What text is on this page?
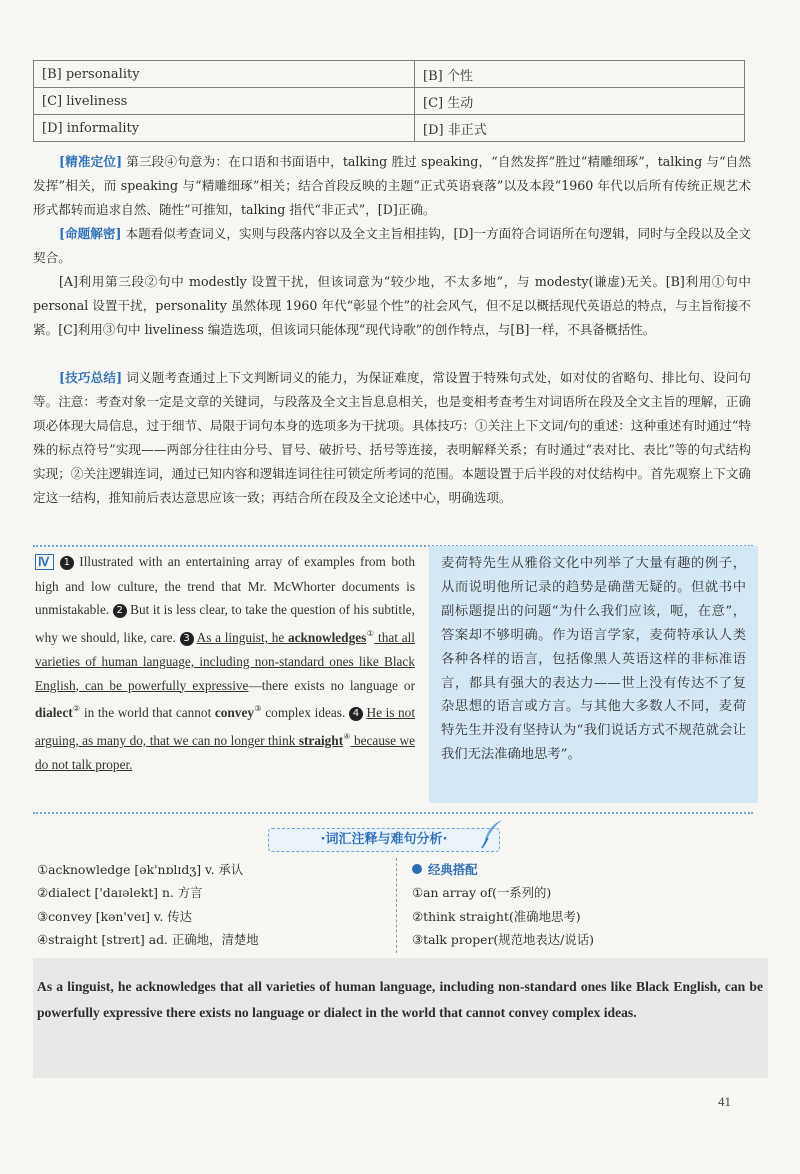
[B] personality	[B] 个性
[C] liveliness	[C] 生动
[D] informality	[D] 非正式
[精准定位] 第三段④句意为：在口语和书面语中，talking 胜过 speaking，“自然发挥”胜过“精雕细琢”，talking 与“自然发挥”相关，而 speaking 与“精雕细琢”相关；结合首段反映的主题“正式英语衰落”以及本段“1960 年代以后所有传统正规艺术形式都转而追求自然、随性”可推知，talking 指代“非正式”，[D]正确。
[命题解密] 本题看似考查词义，实则与段落内容以及全文主旨相挂钩，[D]一方面符合词语所在句逻辑，同时与全段以及全文契合。
[A]利用第三段②句中 modestly 设置干扰，但该词意为“较少地，不太多地”，与 modesty(谦虚)无关。[B]利用①句中 personal 设置干扰，personality 虽然体现 1960 年代“彰显个性”的社会风气，但不足以概括现代英语总的特点，与主旨衔接不紧。[C]利用③句中 liveliness 编造选项，但该词只能体现“现代诗歌”的创作特点，与[B]一样，不具备概括性。
[技巧总结] 词义题考查通过上下文判断词义的能力，为保证难度，常设置于特殊句式处，如对仗的省略句、排比句、设问句等。注意：考查对象一定是文章的关键词，与段落及全文主旨息息相关，也是变相考查考生对词语所在段及全文主旨的理解，正确项必体现大局信息，过于细节、局限于词句本身的选项多为干扰项。具体技巧：①关注上下文词/句的重述：这种重述有时通过“特殊的标点符号”实现——两部分往往由分号、冒号、破折号、括号等连接，表明解释关系；有时通过“表对比、表比”等的句式结构实现；②关注逻辑连词，通过已知内容和逻辑连词往往可锁定所考词的范围。本题设置于后半段的对仗结构中。首先观察上下文确定这一结构，推知前后表达意思应该一致；再结合所在段及全文论述中心，明确选项。
Ⅳ 1 Illustrated with an entertaining array of examples from both high and low culture, the trend that Mr. McWhorter documents is unmistakable. 2 But it is less clear, to take the question of his subtitle, why we should, like, care. 3 As a linguist, he acknowledges① that all varieties of human language, including non-standard ones like Black English, can be powerfully expressive—there exists no language or dialect② in the world that cannot convey③ complex ideas. 4 He is not arguing, as many do, that we can no longer think straight④ because we do not talk proper.
麦荷特先生从雅俗文化中列举了大量有趣的例子，从而说明他所记录的趋势是确凿无疑的。但就书中副标题提出的问题“为什么我们应该，呃，在意”，答案却不够明确。作为语言学家，麦荷特承认人类各种各样的语言，包括像黑人英语这样的非标准语言，都具有强大的表达力——世上没有传达不了复杂思想的语言或方言。与其他大多数人不同，麦荷特先生并没有坚持认为“我们说话方式不规范就会让我们无法准确地思考”。
·词汇注释与难句分析·
①acknowledge [ək'nɒlɪdʒ] v. 承认
②dialect ['daɪəlekt] n. 方言
③convey [kən'veɪ] v. 传达
④straight [streɪt] ad. 正确地，清楚地
经典搭配
①an array of(一系列的)
②think straight(准确地思考)
③talk proper(规范地表达/说话)
As a linguist, he acknowledges that all varieties of human language, including non-standard ones like Black English, can be powerfully expressive there exists no language or dialect in the world that cannot convey complex ideas.
41
